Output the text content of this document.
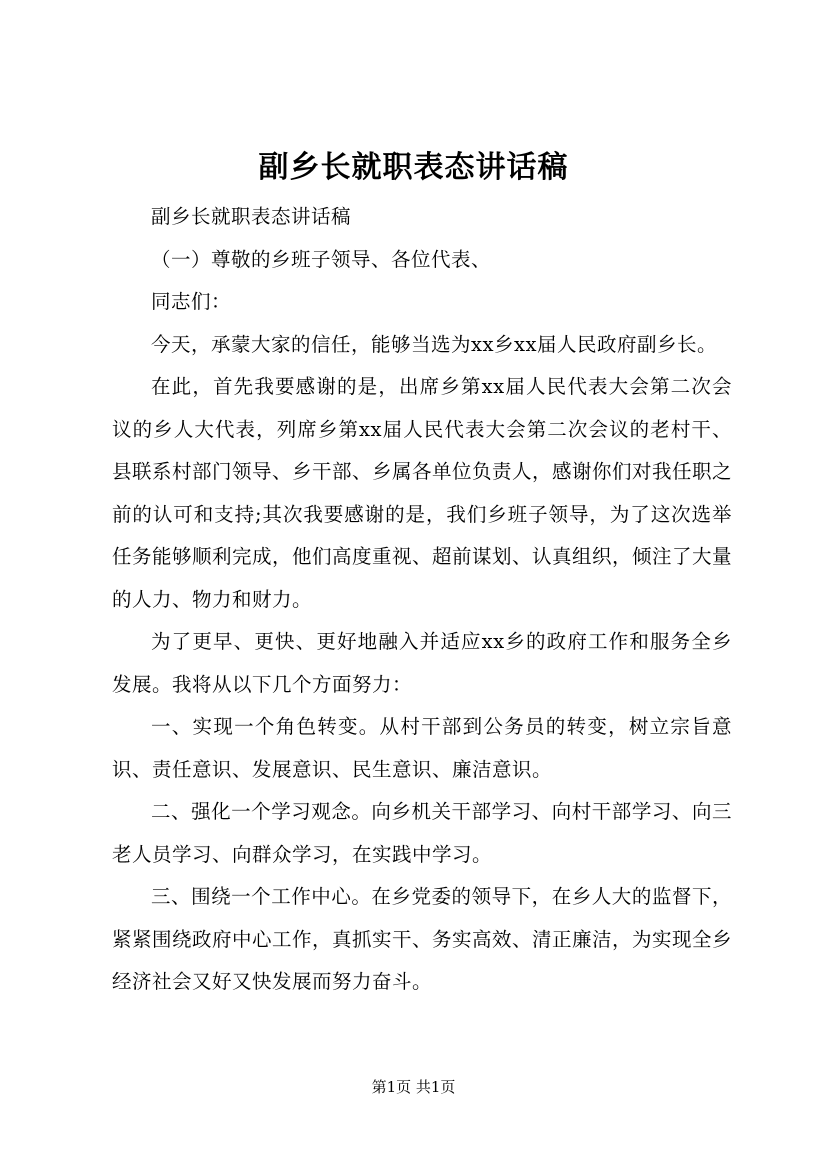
副乡长就职表态讲话稿

副乡长就职表态讲话稿

（一）尊敬的乡班子领导、各位代表、

同志们：

今天，承蒙大家的信任，能够当选为xx乡xx届人民政府副乡长。

在此，首先我要感谢的是，出席乡第xx届人民代表大会第二次会议的乡人大代表，列席乡第xx届人民代表大会第二次会议的老村干、县联系村部门领导、乡干部、乡属各单位负责人，感谢你们对我任职之前的认可和支持;其次我要感谢的是，我们乡班子领导，为了这次选举任务能够顺利完成，他们高度重视、超前谋划、认真组织，倾注了大量的人力、物力和财力。

为了更早、更快、更好地融入并适应xx乡的政府工作和服务全乡发展。我将从以下几个方面努力：

一、实现一个角色转变。从村干部到公务员的转变，树立宗旨意识、责任意识、发展意识、民生意识、廉洁意识。

二、强化一个学习观念。向乡机关干部学习、向村干部学习、向三老人员学习、向群众学习，在实践中学习。

三、围绕一个工作中心。在乡党委的领导下，在乡人大的监督下，紧紧围绕政府中心工作，真抓实干、务实高效、清正廉洁，为实现全乡经济社会又好又快发展而努力奋斗。

第1页 共1页
